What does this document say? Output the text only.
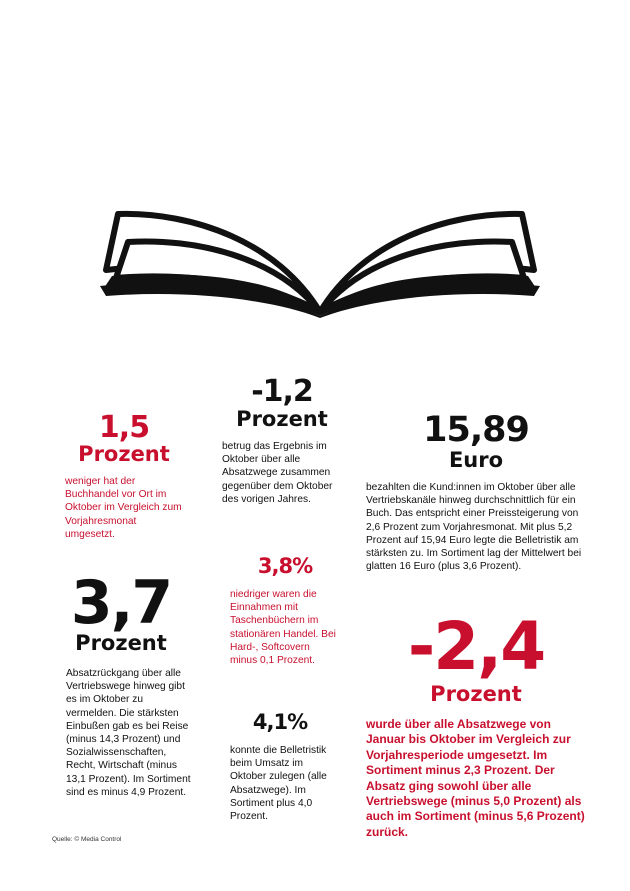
1,5
Prozent
weniger hat der Buchhandel vor Ort im Oktober im Vergleich zum Vorjahresmonat umgesetzt.
-1,2
Prozent
betrug das Ergebnis im Oktober über alle Absatzwege zusammen gegenüber dem Oktober des vorigen Jahres.
15,89
Euro
bezahlten die Kund:innen im Oktober über alle Vertriebskanäle hinweg durchschnittlich für ein Buch. Das entspricht einer Preissteigerung von 2,6 Prozent zum Vorjahresmonat. Mit plus 5,2 Prozent auf 15,94 Euro legte die Belletristik am stärksten zu. Im Sortiment lag der Mittelwert bei glatten 16 Euro (plus 3,6 Prozent).
3,8%
niedriger waren die Einnahmen mit Taschenbüchern im stationären Handel. Bei Hard-, Softcovern minus 0,1 Prozent.
3,7
Prozent
Absatzrückgang über alle Vertriebswege hinweg gibt es im Oktober zu vermelden. Die stärksten Einbußen gab es bei Reise (minus 14,3 Prozent) und Sozialwissenschaften, Recht, Wirtschaft (minus 13,1 Prozent). Im Sortiment sind es minus 4,9 Prozent.
4,1%
konnte die Belletristik beim Umsatz im Oktober zulegen (alle Absatzwege). Im Sortiment plus 4,0 Prozent.
-2,4
Prozent
wurde über alle Absatzwege von Januar bis Oktober im Vergleich zur Vorjahresperiode umgesetzt. Im Sortiment minus 2,3 Prozent. Der Absatz ging sowohl über alle Vertriebswege (minus 5,0 Prozent) als auch im Sortiment (minus 5,6 Prozent) zurück.
Quelle: © Media Control
